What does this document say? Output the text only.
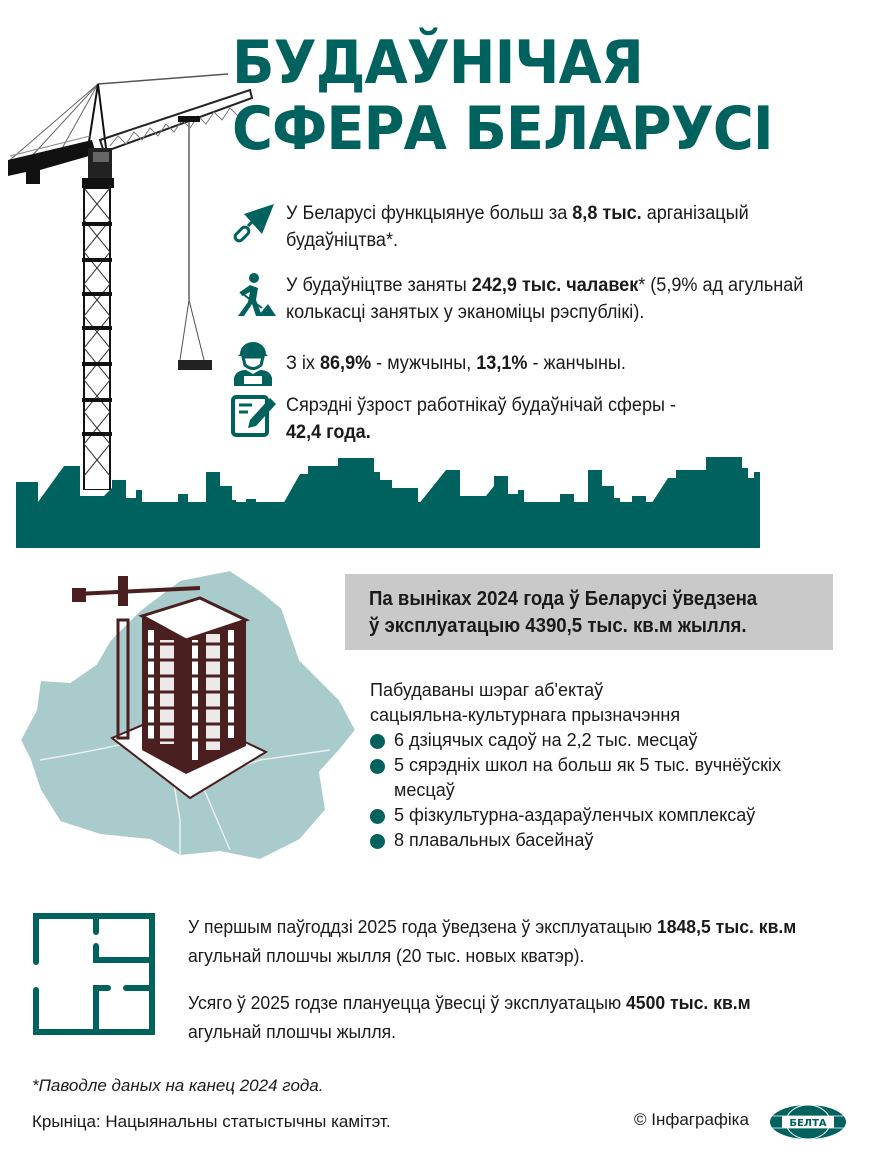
БУДАЎНІЧАЯ
СФЕРА БЕЛАРУСІ
У Беларусі функцыянуе больш за 8,8 тыс. арганізацый будаўніцтва*.
У будаўніцтве заняты 242,9 тыс. чалавек* (5,9% ад агульнай колькасці занятых у эканоміцы рэспублікі).
З іх 86,9% - мужчыны, 13,1% - жанчыны.
Сярэдні ўзрост работнікаў будаўнічай сферы -
42,4 года.
Па выніках 2024 года ў Беларусі ўведзена
ў эксплуатацыю 4390,5 тыс. кв.м жылля.
Пабудаваны шэраг аб'ектаў
сацыяльна-культурнага прызначэння
6 дзіцячых садоў на 2,2 тыс. месцаў
5 сярэдніх школ на больш як 5 тыс. вучнёўскіх месцаў
5 фізкультурна-аздараўленчых комплексаў
8 плавальных басейнаў
У першым паўгоддзі 2025 года ўведзена ў эксплуатацыю 1848,5 тыс. кв.м агульнай плошчы жылля (20 тыс. новых кватэр).
Усяго ў 2025 годзе плануецца ўвесці ў эксплуатацыю 4500 тыс. кв.м агульнай плошчы жылля.
*Паводле даных на канец 2024 года.
Крыніца: Нацыянальны статыстычны камітэт.	© Інфаграфіка	БЕЛТА
